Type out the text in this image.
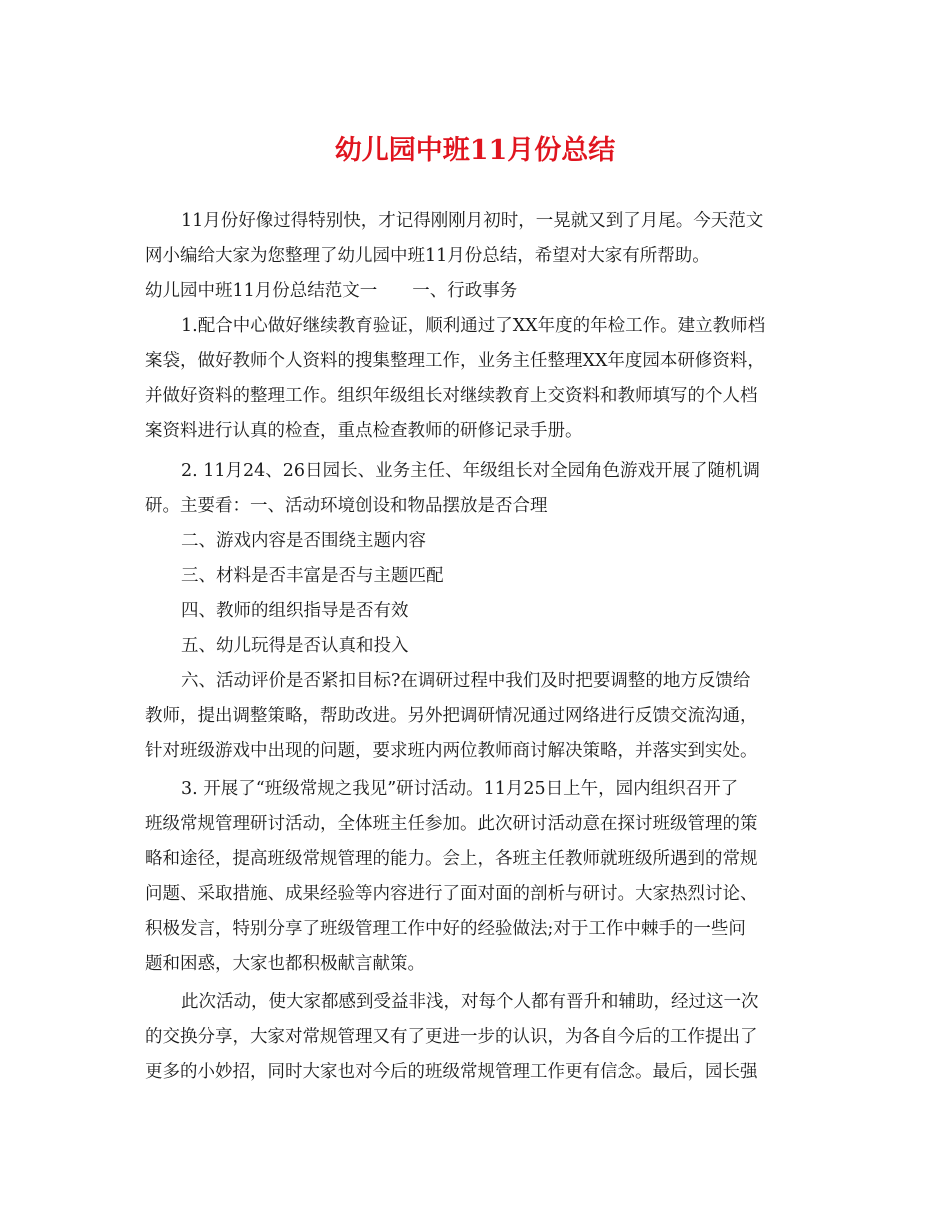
幼儿园中班11月份总结
11月份好像过得特别快，才记得刚刚月初时，一晃就又到了月尾。今天范文
网小编给大家为您整理了幼儿园中班11月份总结，希望对大家有所帮助。
幼儿园中班11月份总结范文一　　一、行政事务
1.配合中心做好继续教育验证，顺利通过了XX年度的年检工作。建立教师档
案袋，做好教师个人资料的搜集整理工作，业务主任整理XX年度园本研修资料，
并做好资料的整理工作。组织年级组长对继续教育上交资料和教师填写的个人档
案资料进行认真的检查，重点检查教师的研修记录手册。
2. 11月24、26日园长、业务主任、年级组长对全园角色游戏开展了随机调
研。主要看：一、活动环境创设和物品摆放是否合理
二、游戏内容是否围绕主题内容
三、材料是否丰富是否与主题匹配
四、教师的组织指导是否有效
五、幼儿玩得是否认真和投入
六、活动评价是否紧扣目标?在调研过程中我们及时把要调整的地方反馈给
教师，提出调整策略，帮助改进。另外把调研情况通过网络进行反馈交流沟通，
针对班级游戏中出现的问题，要求班内两位教师商讨解决策略，并落实到实处。
3. 开展了“班级常规之我见”研讨活动。11月25日上午，园内组织召开了
班级常规管理研讨活动，全体班主任参加。此次研讨活动意在探讨班级管理的策
略和途径，提高班级常规管理的能力。会上，各班主任教师就班级所遇到的常规
问题、采取措施、成果经验等内容进行了面对面的剖析与研讨。大家热烈讨论、
积极发言，特别分享了班级管理工作中好的经验做法;对于工作中棘手的一些问
题和困惑，大家也都积极献言献策。
此次活动，使大家都感到受益非浅，对每个人都有晋升和辅助，经过这一次
的交换分享，大家对常规管理又有了更进一步的认识，为各自今后的工作提出了
更多的小妙招，同时大家也对今后的班级常规管理工作更有信念。最后，园长强
